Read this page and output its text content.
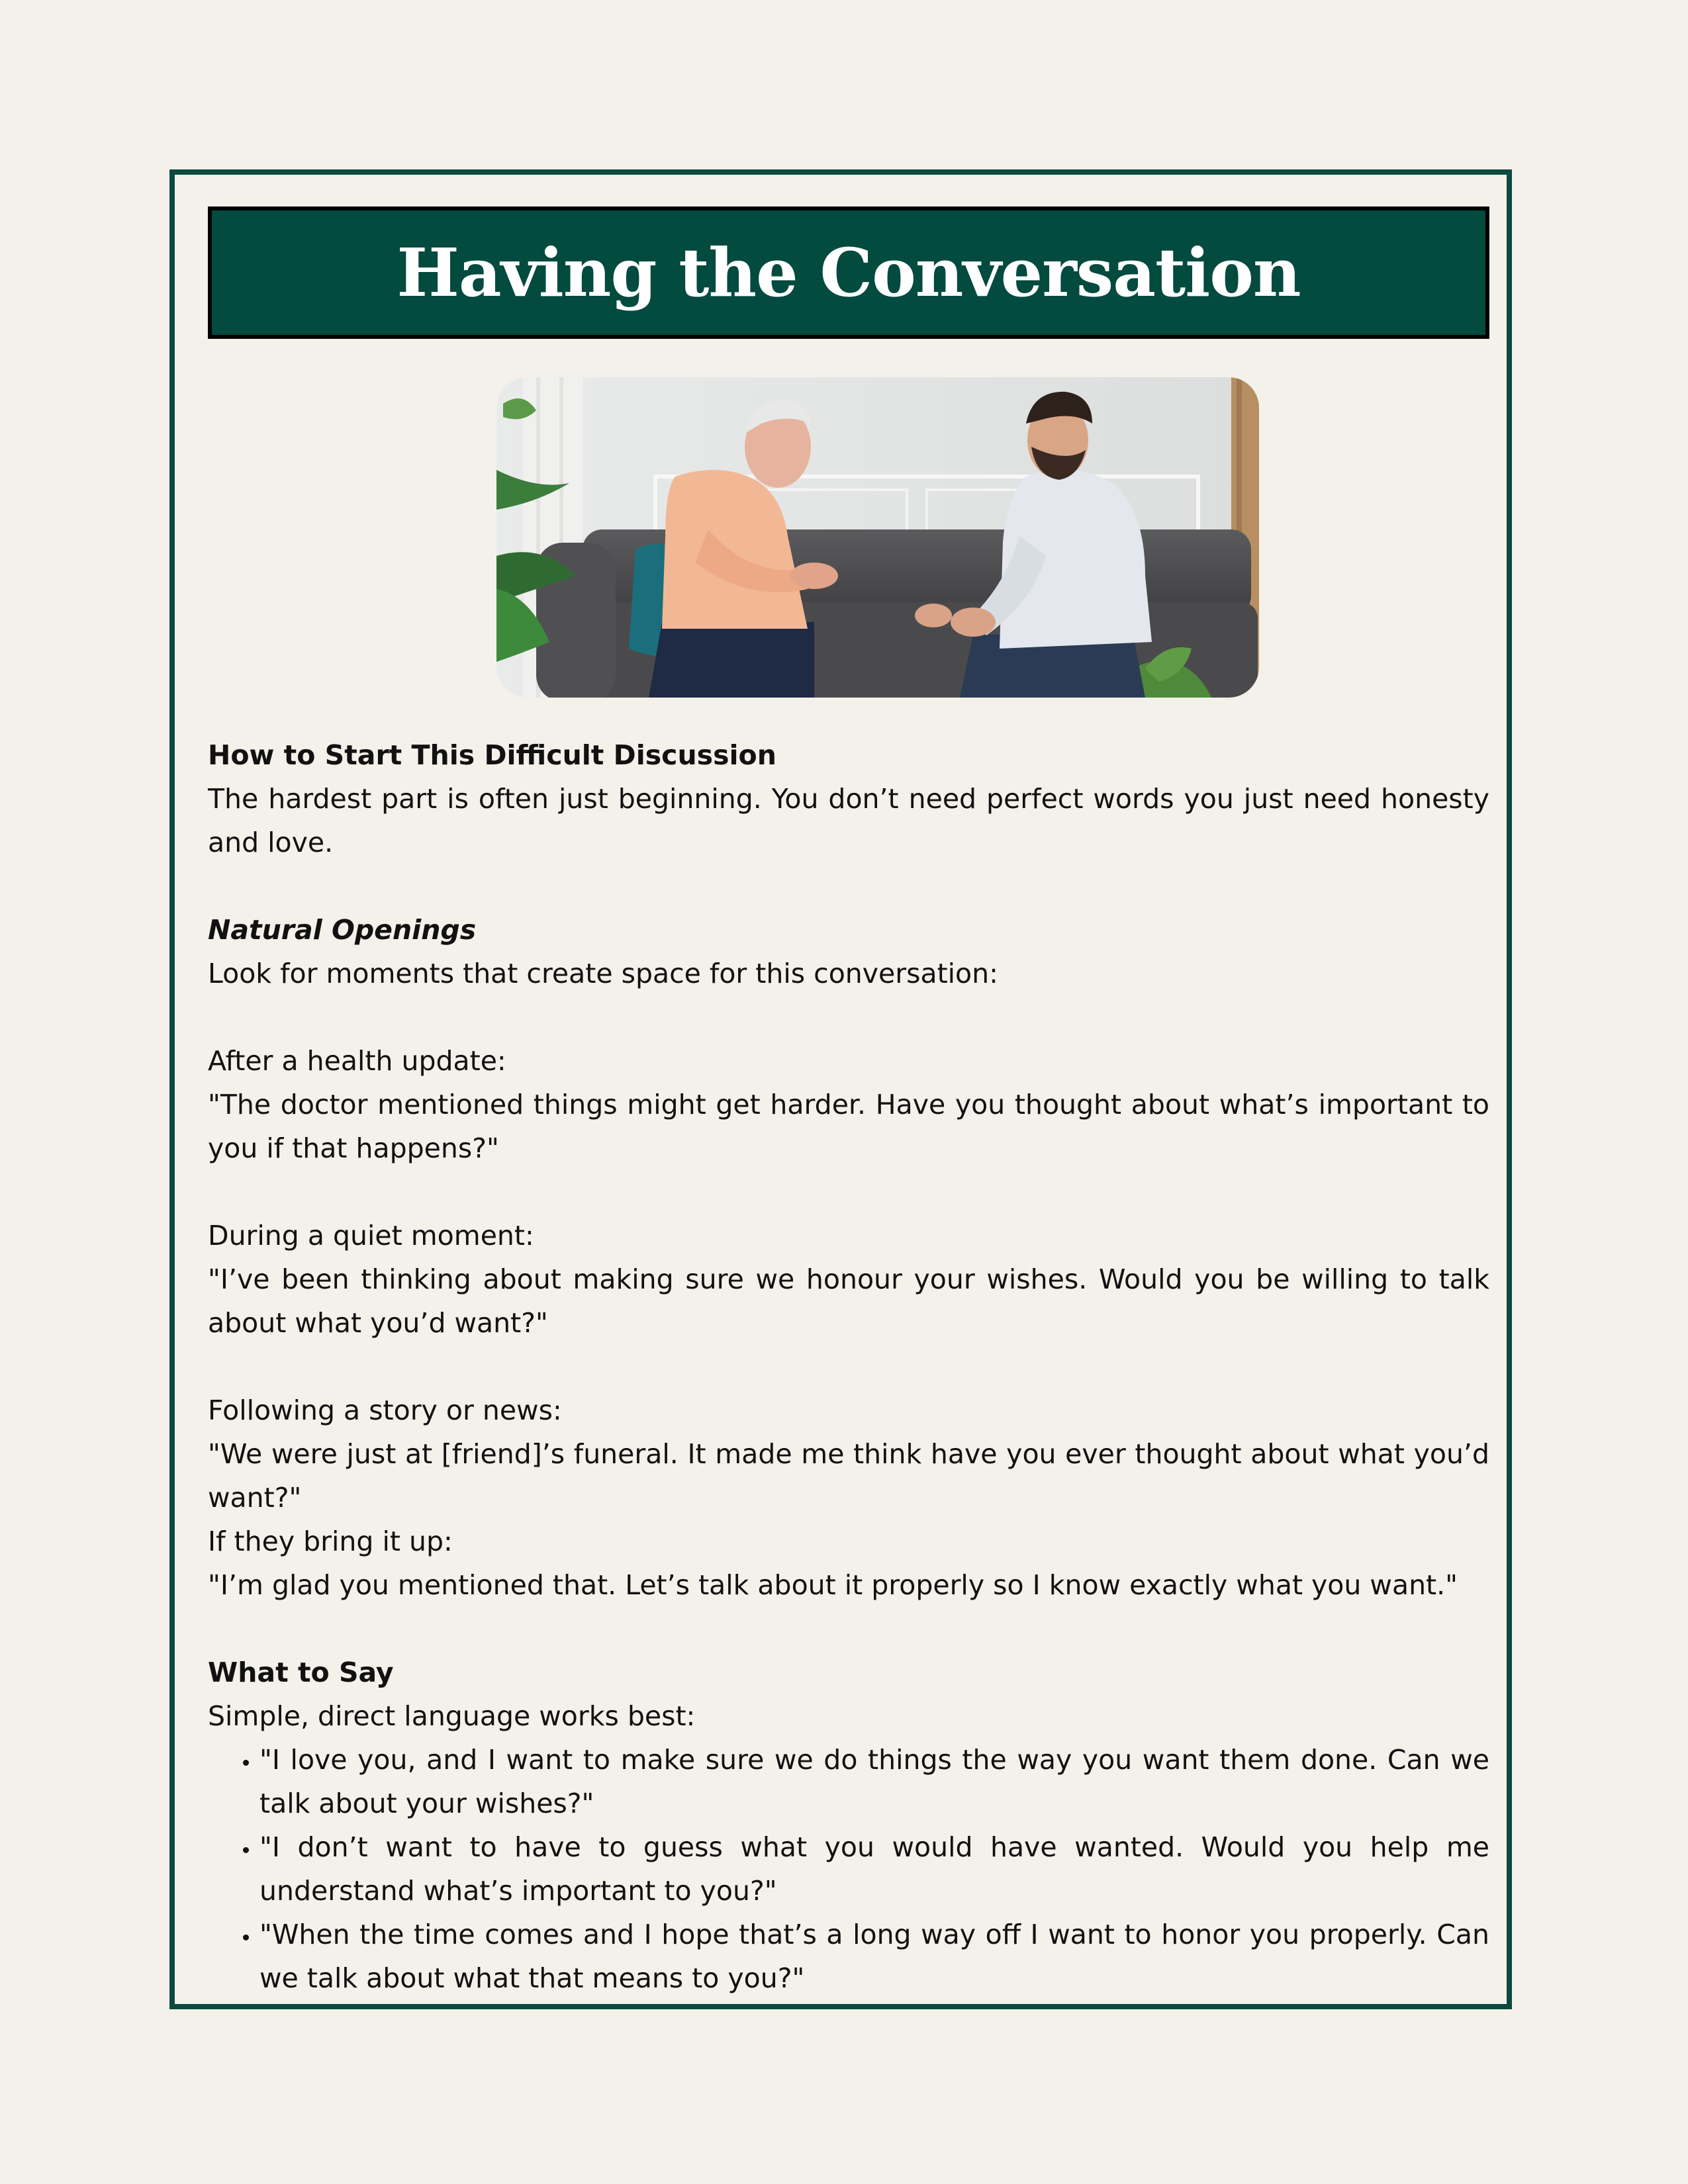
Having the Conversation

How to Start This Difficult Discussion

The hardest part is often just beginning. You don’t need perfect words you just need honesty and love.

Natural Openings

Look for moments that create space for this conversation:

After a health update:

"The doctor mentioned things might get harder. Have you thought about what’s important to you if that happens?"

During a quiet moment:

"I’ve been thinking about making sure we honour your wishes. Would you be willing to talk about what you’d want?"

Following a story or news:

"We were just at [friend]’s funeral. It made me think have you ever thought about what you’d want?"

If they bring it up:

"I’m glad you mentioned that. Let’s talk about it properly so I know exactly what you want."

What to Say

Simple, direct language works best:

• "I love you, and I want to make sure we do things the way you want them done. Can we talk about your wishes?"
• "I don’t want to have to guess what you would have wanted. Would you help me understand what’s important to you?"
• "When the time comes and I hope that’s a long way off I want to honor you properly. Can we talk about what that means to you?"
